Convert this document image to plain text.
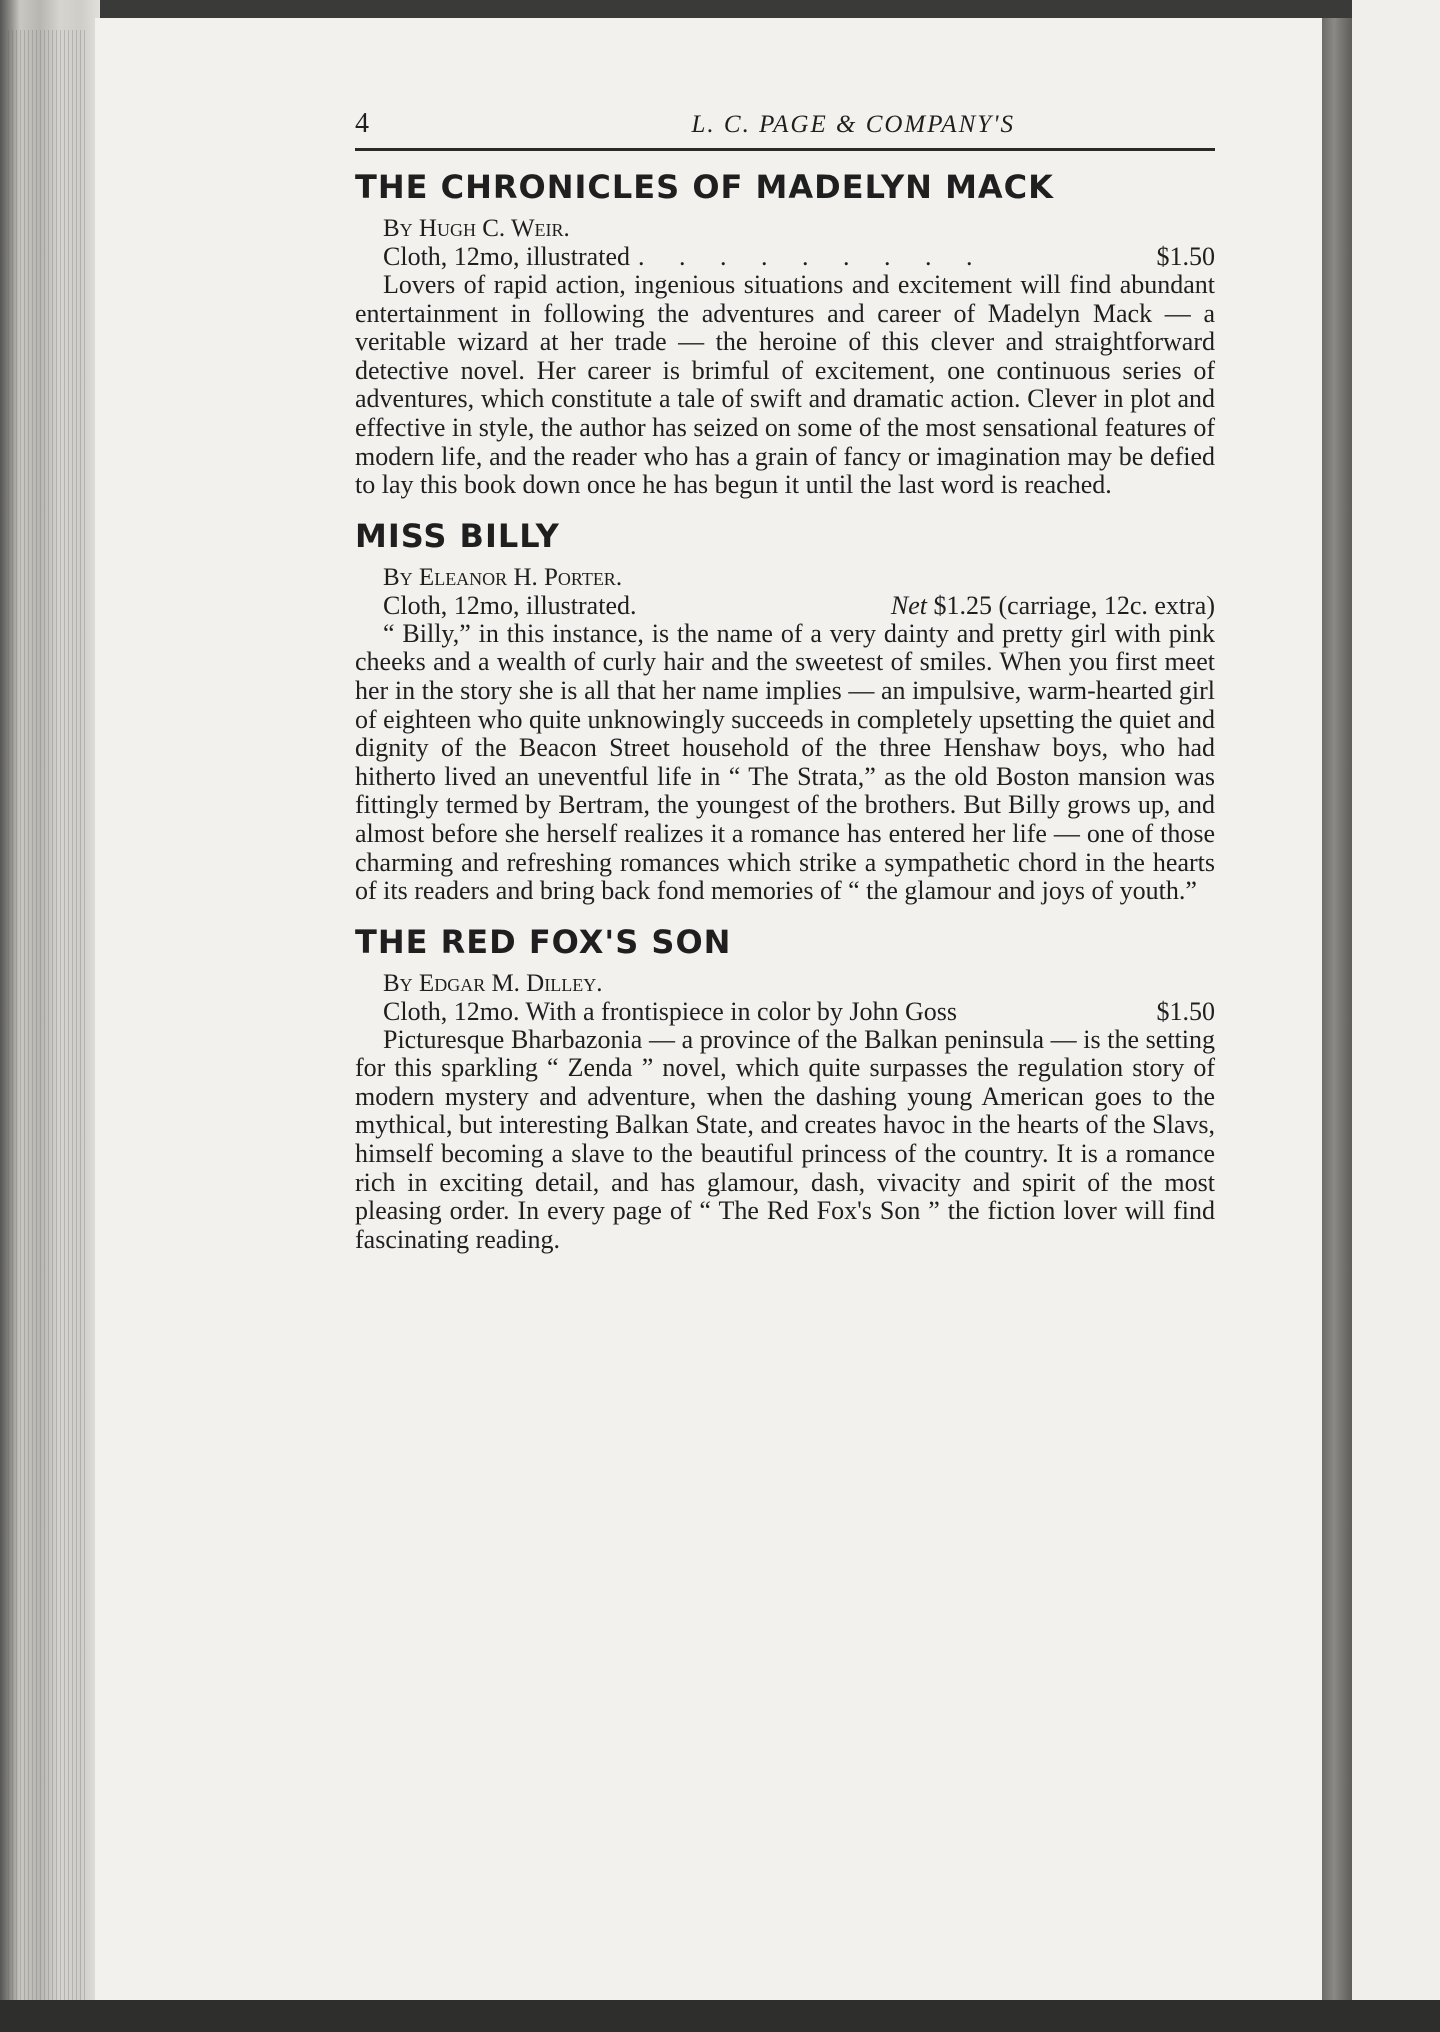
4	L. C. PAGE & COMPANY'S
THE CHRONICLES OF MADELYN MACK
By Hugh C. Weir.
Cloth, 12mo, illustrated . . . . . . . . .	$1.50

Lovers of rapid action, ingenious situations and excitement will find abundant entertainment in following the adventures and career of Madelyn Mack — a veritable wizard at her trade — the heroine of this clever and straightforward detective novel. Her career is brimful of excitement, one continuous series of adventures, which constitute a tale of swift and dramatic action. Clever in plot and effective in style, the author has seized on some of the most sensational features of modern life, and the reader who has a grain of fancy or imagination may be defied to lay this book down once he has begun it until the last word is reached.

MISS BILLY
By Eleanor H. Porter.
Cloth, 12mo, illustrated.	Net $1.25 (carriage, 12c. extra)

“ Billy,” in this instance, is the name of a very dainty and pretty girl with pink cheeks and a wealth of curly hair and the sweetest of smiles. When you first meet her in the story she is all that her name implies — an impulsive, warm-hearted girl of eighteen who quite unknowingly succeeds in completely upsetting the quiet and dignity of the Beacon Street household of the three Henshaw boys, who had hitherto lived an uneventful life in “ The Strata,” as the old Boston mansion was fittingly termed by Bertram, the youngest of the brothers. But Billy grows up, and almost before she herself realizes it a romance has entered her life — one of those charming and refreshing romances which strike a sympathetic chord in the hearts of its readers and bring back fond memories of “ the glamour and joys of youth.”

THE RED FOX'S SON
By Edgar M. Dilley.
Cloth, 12mo. With a frontispiece in color by John Goss	$1.50

Picturesque Bharbazonia — a province of the Balkan peninsula — is the setting for this sparkling “ Zenda ” novel, which quite surpasses the regulation story of modern mystery and adventure, when the dashing young American goes to the mythical, but interesting Balkan State, and creates havoc in the hearts of the Slavs, himself becoming a slave to the beautiful princess of the country. It is a romance rich in exciting detail, and has glamour, dash, vivacity and spirit of the most pleasing order. In every page of “ The Red Fox's Son ” the fiction lover will find fascinating reading.
